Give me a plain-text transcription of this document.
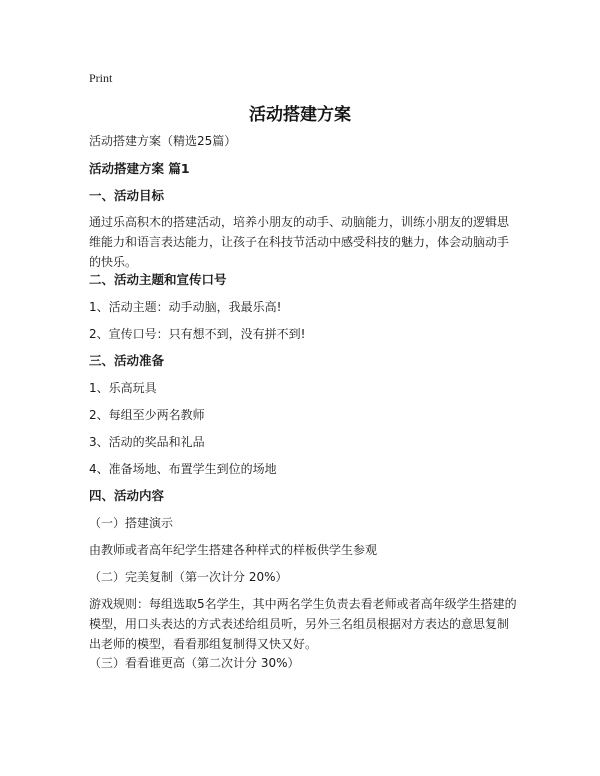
Print
活动搭建方案
活动搭建方案（精选25篇）
活动搭建方案 篇1
一、活动目标
通过乐高积木的搭建活动，培养小朋友的动手、动脑能力，训练小朋友的逻辑思维能力和语言表达能力，让孩子在科技节活动中感受科技的魅力，体会动脑动手的快乐。
二、活动主题和宣传口号
1、活动主题：动手动脑，我最乐高!
2、宣传口号：只有想不到，没有拼不到!
三、活动准备
1、乐高玩具
2、每组至少两名教师
3、活动的奖品和礼品
4、准备场地、布置学生到位的场地
四、活动内容
（一）搭建演示
由教师或者高年纪学生搭建各种样式的样板供学生参观
（二）完美复制（第一次计分 20%）
游戏规则：每组选取5名学生，其中两名学生负责去看老师或者高年级学生搭建的模型，用口头表达的方式表述给组员听，另外三名组员根据对方表达的意思复制出老师的模型，看看那组复制得又快又好。
（三）看看谁更高（第二次计分 30%）
